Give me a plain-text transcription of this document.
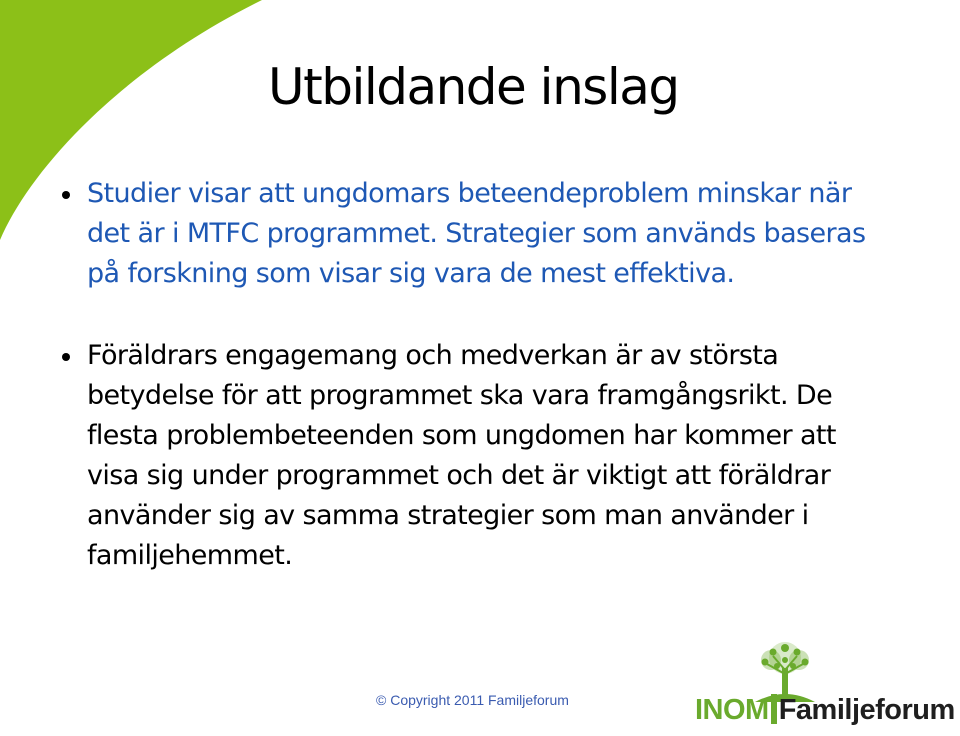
Utbildande inslag
Studier visar att ungdomars beteendeproblem minskar när det är i MTFC programmet. Strategier som används baseras på forskning som visar sig vara de mest effektiva.
Föräldrars engagemang och medverkan är av största betydelse för att programmet ska vara framgångsrikt. De flesta problembeteenden som ungdomen har kommer att visa sig under programmet och det är viktigt att föräldrar använder sig av samma strategier som man använder i familjehemmet.
© Copyright 2011 Familjeforum	INOM Familjeforum
